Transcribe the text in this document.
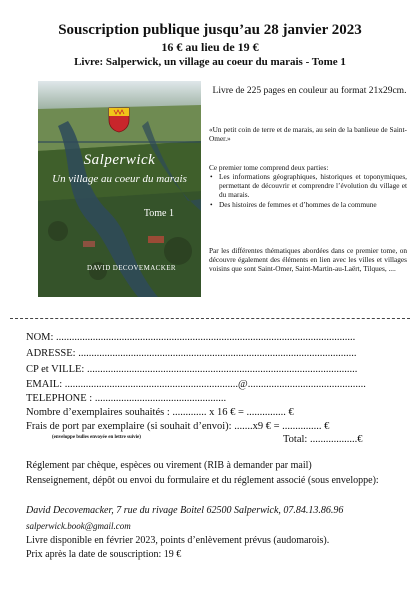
Souscription publique jusqu’au 28 janvier 2023
16 € au lieu de 19 €
Livre: Salperwick, un village au coeur du marais - Tome 1
Salperwick
Un village au coeur du marais
Tome 1
DAVID DECOVEMACKER
Livre de 225 pages en couleur au format 21x29cm.
«Un petit coin de terre et de marais, au sein de la banlieue de Saint-Omer.»
Ce premier tome comprend deux parties:
• Les informations géographiques, historiques et toponymiques, permettant de découvrir et comprendre l’évolution du village et du marais.
• Des histoires de femmes et d’hommes de la commune
Par les différentes thématiques abordées dans ce premier tome, on découvre également des éléments en lien avec les villes et villages voisins que sont Saint-Omer, Saint-Martin-au-Laërt, Tilques, ....
NOM: ..................................................................................................................
ADRESSE: ..........................................................................................................
CP et VILLE: .......................................................................................................
EMAIL: ..................................................................@.............................................
TELEPHONE : ..................................................
Nombre d’exemplaires souhaités : ............. x 16 € = ............... €
Frais de port par exemplaire (si souhait d’envoi): .......x9 € = ............... €
(enveloppe bulles envoyée en lettre suivie)	Total: ..................€
Réglement par chèque, espèces ou virement (RIB à demander par mail)
Renseignement, dépôt ou envoi du formulaire et du réglement associé (sous enveloppe):
David Decovemacker, 7 rue du rivage Boitel 62500 Salperwick, 07.84.13.86.96
salperwick.book@gmail.com
Livre disponible en février 2023, points d’enlèvement prévus (audomarois).
Prix après la date de souscription: 19 €
